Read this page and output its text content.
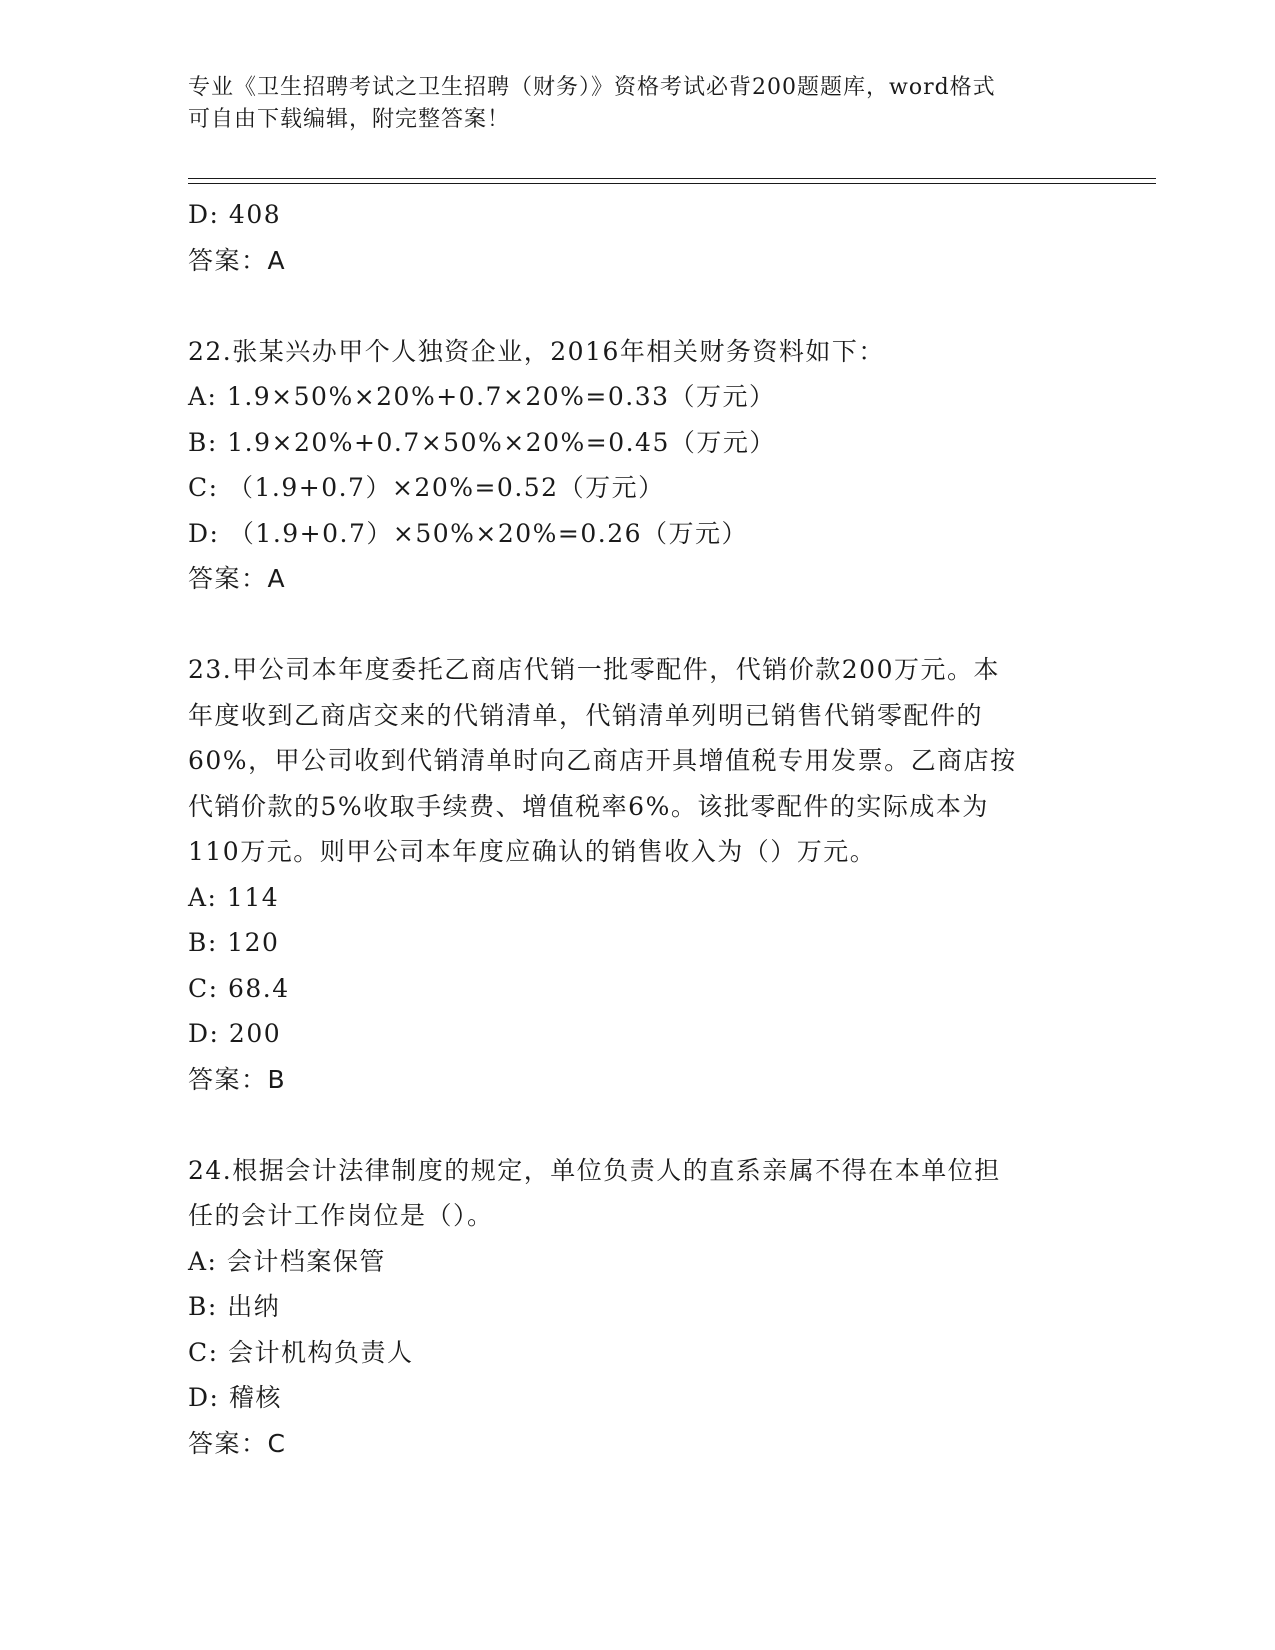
专业《卫生招聘考试之卫生招聘（财务）》资格考试必背200题题库，word格式
可自由下载编辑，附完整答案！
D: 408
答案：A
22.张某兴办甲个人独资企业，2016年相关财务资料如下：
A: 1.9×50%×20%+0.7×20%=0.33（万元）
B: 1.9×20%+0.7×50%×20%=0.45（万元）
C: （1.9+0.7）×20%=0.52（万元）
D: （1.9+0.7）×50%×20%=0.26（万元）
答案：A
23.甲公司本年度委托乙商店代销一批零配件，代销价款200万元。本
年度收到乙商店交来的代销清单，代销清单列明已销售代销零配件的
60%，甲公司收到代销清单时向乙商店开具增值税专用发票。乙商店按
代销价款的5%收取手续费、增值税率6%。该批零配件的实际成本为
110万元。则甲公司本年度应确认的销售收入为（）万元。
A: 114
B: 120
C: 68.4
D: 200
答案：B
24.根据会计法律制度的规定，单位负责人的直系亲属不得在本单位担
任的会计工作岗位是（）。
A: 会计档案保管
B: 出纳
C: 会计机构负责人
D: 稽核
答案：C
